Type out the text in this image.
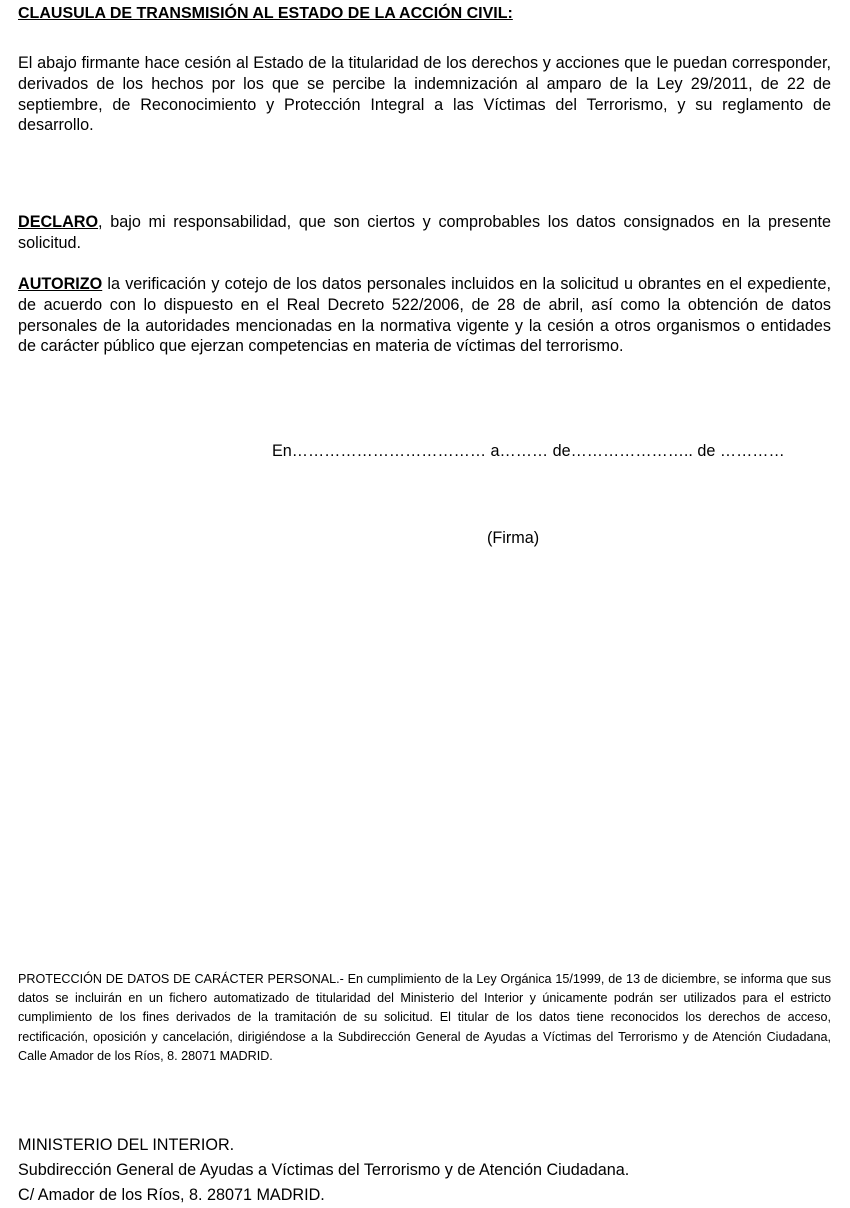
CLAUSULA DE TRANSMISIÓN AL ESTADO DE LA ACCIÓN CIVIL:
El abajo firmante hace cesión al Estado de la titularidad de los derechos y acciones que le puedan corresponder, derivados de los hechos por los que se percibe la indemnización al amparo de la Ley 29/2011, de 22 de septiembre, de Reconocimiento y Protección Integral a las Víctimas del Terrorismo, y su reglamento de desarrollo.
DECLARO, bajo mi responsabilidad, que son ciertos y comprobables los datos consignados en la presente solicitud.
AUTORIZO la verificación y cotejo de los datos personales incluidos en la solicitud u obrantes en el expediente, de acuerdo con lo dispuesto en el Real Decreto 522/2006, de 28 de abril, así como la obtención de datos personales de la autoridades mencionadas en la normativa vigente y la cesión a otros organismos o entidades de carácter público que ejerzan competencias en materia de víctimas del terrorismo.
En……………………………… a……… de………………….. de …………
(Firma)
PROTECCIÓN DE DATOS DE CARÁCTER PERSONAL.- En cumplimiento de la Ley Orgánica 15/1999, de 13 de diciembre, se informa que sus datos se incluirán en un fichero automatizado de titularidad del Ministerio del Interior y únicamente podrán ser utilizados para el estricto cumplimiento de los fines derivados de la tramitación de su solicitud. El titular de los datos tiene reconocidos los derechos de acceso, rectificación, oposición y cancelación, dirigiéndose a la Subdirección General de Ayudas a Víctimas del Terrorismo y de Atención Ciudadana, Calle Amador de los Ríos, 8. 28071 MADRID.
MINISTERIO DEL INTERIOR.
Subdirección General de Ayudas a Víctimas del Terrorismo y de Atención Ciudadana.
C/ Amador de los Ríos, 8. 28071 MADRID.
